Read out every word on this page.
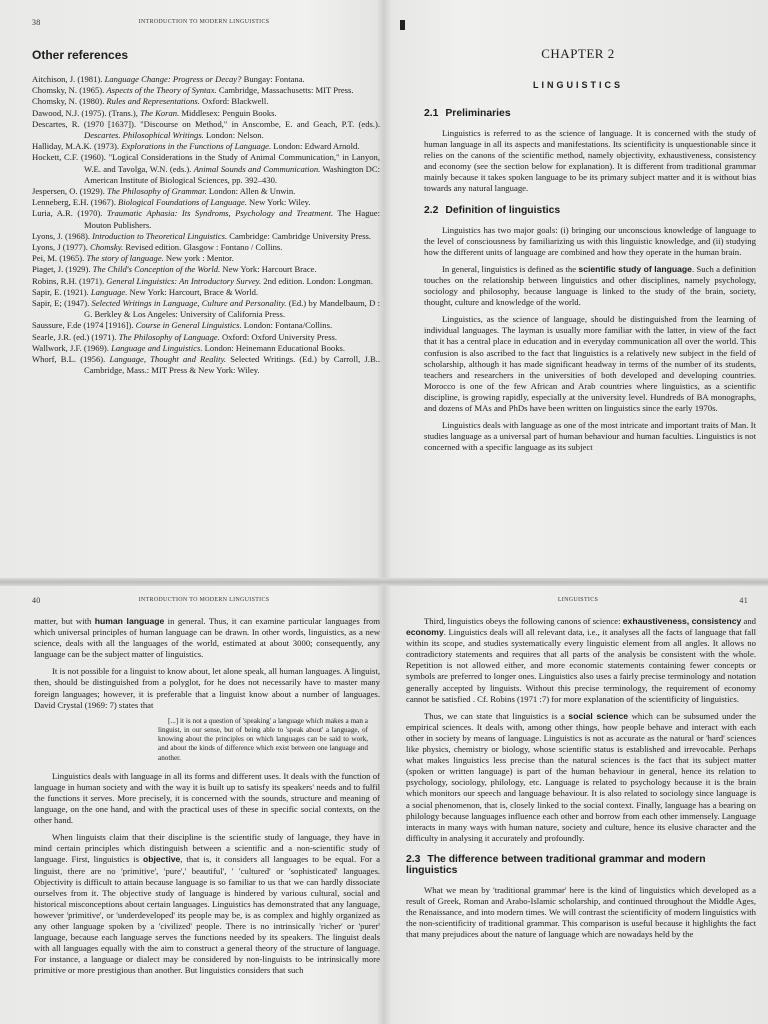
38	INTRODUCTION TO MODERN LINGUISTICS
Other references

Aitchison, J. (1981). Language Change: Progress or Decay? Bungay: Fontana.

Chomsky, N. (1965). Aspects of the Theory of Syntax. Cambridge, Massachusetts: MIT Press.

Chomsky, N. (1980). Rules and Representations. Oxford: Blackwell.

Dawood, N.J. (1975). (Trans.), The Koran. Middlesex: Penguin Books.

Descartes, R. (1970 [1637]). "Discourse on Method," in Anscombe, E. and Geach, P.T. (eds.). Descartes. Philosophical Writings. London: Nelson.

Halliday, M.A.K. (1973). Explorations in the Functions of Language. London: Edward Arnold.

Hockett, C.F. (1960). "Logical Considerations in the Study of Animal Communication," in Lanyon, W.E. and Tavolga, W.N. (eds.). Animal Sounds and Communication. Washington DC: American Institute of Biological Sciences, pp. 392–430.

Jespersen, O. (1929). The Philosophy of Grammar. London: Allen & Unwin.

Lenneberg, E.H. (1967). Biological Foundations of Language. New York: Wiley.

Luria, A.R. (1970). Traumatic Aphasia: Its Syndroms, Psychology and Treatment. The Hague: Mouton Publishers.

Lyons, J. (1968). Introduction to Theoretical Linguistics. Cambridge: Cambridge University Press.

Lyons, J (1977). Chomsky. Revised edition. Glasgow : Fontano / Collins.

Pei, M. (1965). The story of language. New york : Mentor.

Piaget, J. (1929). The Child's Conception of the World. New York: Harcourt Brace.

Robins, R.H. (1971). General Linguistics: An Introductory Survey. 2nd edition. London: Longman.

Sapir, E. (1921). Language. New York: Harcourt, Brace & World.

Sapir, E; (1947). Selected Writings in Language, Culture and Personality. (Ed.) by Mandelbaum, D : G. Berkley & Los Angeles: University of California Press.

Saussure, F.de (1974 [1916]). Course in General Linguistics. London: Fontana/Collins.

Searle, J.R. (ed.) (1971). The Philosophy of Language. Oxford: Oxford University Press.

Wallwork, J.F. (1969). Language and Linguistics. London: Heinemann Educational Books.

Whorf, B.L. (1956). Language, Thought and Reality. Selected Writings. (Ed.) by Carroll, J.B.. Cambridge, Mass.: MIT Press & New York: Wiley.

CHAPTER 2
LINGUISTICS
2.1 Preliminaries

Linguistics is referred to as the science of language. It is concerned with the study of human language in all its aspects and manifestations. Its scientificity is unquestionable since it relies on the canons of the scientific method, namely objectivity, exhaustiveness, consistency and economy (see the section below for explanation). It is different from traditional grammar mainly because it takes spoken language to be its primary subject matter and it is without bias towards any natural language.

2.2 Definition of linguistics

Linguistics has two major goals: (i) bringing our unconscious knowledge of language to the level of consciousness by familiarizing us with this linguistic knowledge, and (ii) studying how the different units of language are combined and how they operate in the human brain.

In general, linguistics is defined as the scientific study of language. Such a definition touches on the relationship between linguistics and other disciplines, namely psychology, sociology and philosophy, because language is linked to the study of the brain, society, thought, culture and knowledge of the world.

Linguistics, as the science of language, should be distinguished from the learning of individual languages. The layman is usually more familiar with the latter, in view of the fact that it has a central place in education and in everyday communication all over the world. This confusion is also ascribed to the fact that linguistics is a relatively new subject in the field of scholarship, although it has made significant headway in terms of the number of its students, teachers and researchers in the universities of both developed and developing countries. Morocco is one of the few African and Arab countries where linguistics, as a scientific discipline, is growing rapidly, especially at the university level. Hundreds of BA monographs, and dozens of MAs and PhDs have been written on linguistics since the early 1970s.

Linguistics deals with language as one of the most intricate and important traits of Man. It studies language as a universal part of human behaviour and human faculties. Linguistics is not concerned with a specific language as its subject

40	INTRODUCTION TO MODERN LINGUISTICS

matter, but with human language in general. Thus, it can examine particular languages from which universal principles of human language can be drawn. In other words, linguistics, as a new science, deals with all the languages of the world, estimated at about 3000; consequently, any language can be the subject matter of linguistics.

It is not possible for a linguist to know about, let alone speak, all human languages. A linguist, then, should be distinguished from a polyglot, for he does not necessarily have to master many foreign languages; however, it is preferable that a linguist know about a number of languages. David Crystal (1969: 7) states that

[...] it is not a question of 'speaking' a language which makes a man a linguist, in our sense, but of being able to 'speak about' a language, of knowing about the principles on which languages can be said to work, and about the kinds of difference which exist between one language and another.

Linguistics deals with language in all its forms and different uses. It deals with the function of language in human society and with the way it is built up to satisfy its speakers' needs and to fulfil the functions it serves. More precisely, it is concerned with the sounds, structure and meaning of language, on the one hand, and with the practical uses of these in specific social contexts, on the other hand.

When linguists claim that their discipline is the scientific study of language, they have in mind certain principles which distinguish between a scientific and a non-scientific study of language. First, linguistics is objective, that is, it considers all languages to be equal. For a linguist, there are no 'primitive', 'pure',' beautiful', ' 'cultured' or 'sophisticated' languages. Objectivity is difficult to attain because language is so familiar to us that we can hardly dissociate ourselves from it. The objective study of language is hindered by various cultural, social and historical misconceptions about certain languages. Linguistics has demonstrated that any language, however 'primitive', or 'underdeveloped' its people may be, is as complex and highly organized as any other language spoken by a 'civilized' people. There is no intrinsically 'richer' or 'purer' language, because each language serves the functions needed by its speakers. The linguist deals with all languages equally with the aim to construct a general theory of the structure of language. For instance, a language or dialect may be considered by non-linguists to be intrinsically more primitive or more prestigious than another. But linguistics considers that such

LINGUISTICS	41

Third, linguistics obeys the following canons of science: exhaustiveness, consistency and economy. Linguistics deals will all relevant data, i.e., it analyses all the facts of language that fall within its scope, and studies systematically every linguistic element from all angles. It allows no contradictory statements and requires that all parts of the analysis be consistent with the whole. Repetition is not allowed either, and more economic statements containing fewer concepts or symbols are preferred to longer ones. Linguistics also uses a fairly precise terminology and notation generally accepted by linguists. Without this precise terminology, the requirement of economy cannot be satisfied . Cf. Robins (1971 :7) for more explanation of the scientificity of linguistics.

Thus, we can state that linguistics is a social science which can be subsumed under the empirical sciences. It deals with, among other things, how people behave and interact with each other in society by means of language. Linguistics is not as accurate as the natural or 'hard' sciences like physics, chemistry or biology, whose scientific status is established and irrevocable. Perhaps what makes linguistics less precise than the natural sciences is the fact that its subject matter (spoken or written language) is part of the human behaviour in general, hence its relation to psychology, sociology, philology, etc. Language is related to psychology because it is the brain which monitors our speech and language behaviour. It is also related to sociology since language is a social phenomenon, that is, closely linked to the social context. Finally, language has a bearing on philology because languages influence each other and borrow from each other immensely. Language interacts in many ways with human nature, society and culture, hence its elusive character and the difficulty in analysing it accurately and profoundly.

2.3 The difference between traditional grammar and modern linguistics

What we mean by 'traditional grammar' here is the kind of linguistics which developed as a result of Greek, Roman and Arabo-Islamic scholarship, and continued throughout the Middle Ages, the Renaissance, and into modern times. We will contrast the scientificity of modern linguistics with the non-scientificity of traditional grammar. This comparison is useful because it highlights the fact that many prejudices about the nature of language which are nowadays held by the
